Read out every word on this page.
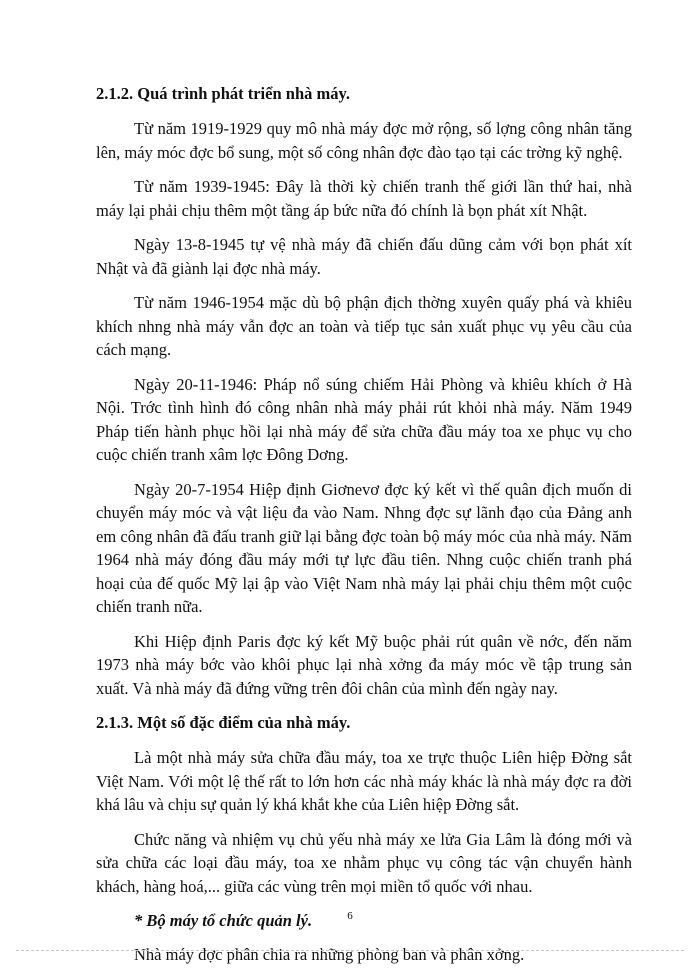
2.1.2. Quá trình phát triển nhà máy.

Từ năm 1919-1929 quy mô nhà máy đợc mở rộng, số lợng công nhân tăng lên, máy móc đợc bổ sung, một số công nhân đợc đào tạo tại các trờng kỹ nghệ.

Từ năm 1939-1945: Đây là thời kỳ chiến tranh thế giới lần thứ hai, nhà máy lại phải chịu thêm một tầng áp bức nữa đó chính là bọn phát xít Nhật.

Ngày 13-8-1945 tự vệ nhà máy đã chiến đấu dũng cảm với bọn phát xít Nhật và đã giành lại đợc nhà máy.

Từ năm 1946-1954 mặc dù bộ phận địch thờng xuyên quấy phá và khiêu khích nhng nhà máy vẫn đợc an toàn và tiếp tục sản xuất phục vụ yêu cầu của cách mạng.

Ngày 20-11-1946: Pháp nổ súng chiếm Hải Phòng và khiêu khích ở Hà Nội. Trớc tình hình đó công nhân nhà máy phải rút khỏi nhà máy. Năm 1949 Pháp tiến hành phục hồi lại nhà máy để sửa chữa đầu máy toa xe phục vụ cho cuộc chiến tranh xâm lợc Đông Dơng.

Ngày 20-7-1954 Hiệp định Giơnevơ đợc ký kết vì thế quân địch muốn di chuyển máy móc và vật liệu đa vào Nam. Nhng đợc sự lãnh đạo của Đảng anh em công nhân đã đấu tranh giữ lại bằng đợc toàn bộ máy móc của nhà máy. Năm 1964 nhà máy đóng đầu máy mới tự lực đầu tiên. Nhng cuộc chiến tranh phá hoại của đế quốc Mỹ lại ập vào Việt Nam nhà máy lại phải chịu thêm một cuộc chiến tranh nữa.

Khi Hiệp định Paris đợc ký kết Mỹ buộc phải rút quân về nớc, đến năm 1973 nhà máy bớc vào khôi phục lại nhà xởng đa máy móc về tập trung sản xuất. Và nhà máy đã đứng vững trên đôi chân của mình đến ngày nay.

2.1.3. Một số đặc điểm của nhà máy.

Là một nhà máy sửa chữa đầu máy, toa xe trực thuộc Liên hiệp Đờng sắt Việt Nam. Với một lệ thế rất to lớn hơn các nhà máy khác là nhà máy đợc ra đời khá lâu và chịu sự quản lý khá khắt khe của Liên hiệp Đờng sắt.

Chức năng và nhiệm vụ chủ yếu nhà máy xe lửa Gia Lâm là đóng mới và sửa chữa các loại đầu máy, toa xe nhằm phục vụ công tác vận chuyển hành khách, hàng hoá,... giữa các vùng trên mọi miền tổ quốc với nhau.

* Bộ máy tổ chức quản lý.

Nhà máy đợc phân chia ra những phòng ban và phân xởng.

6
